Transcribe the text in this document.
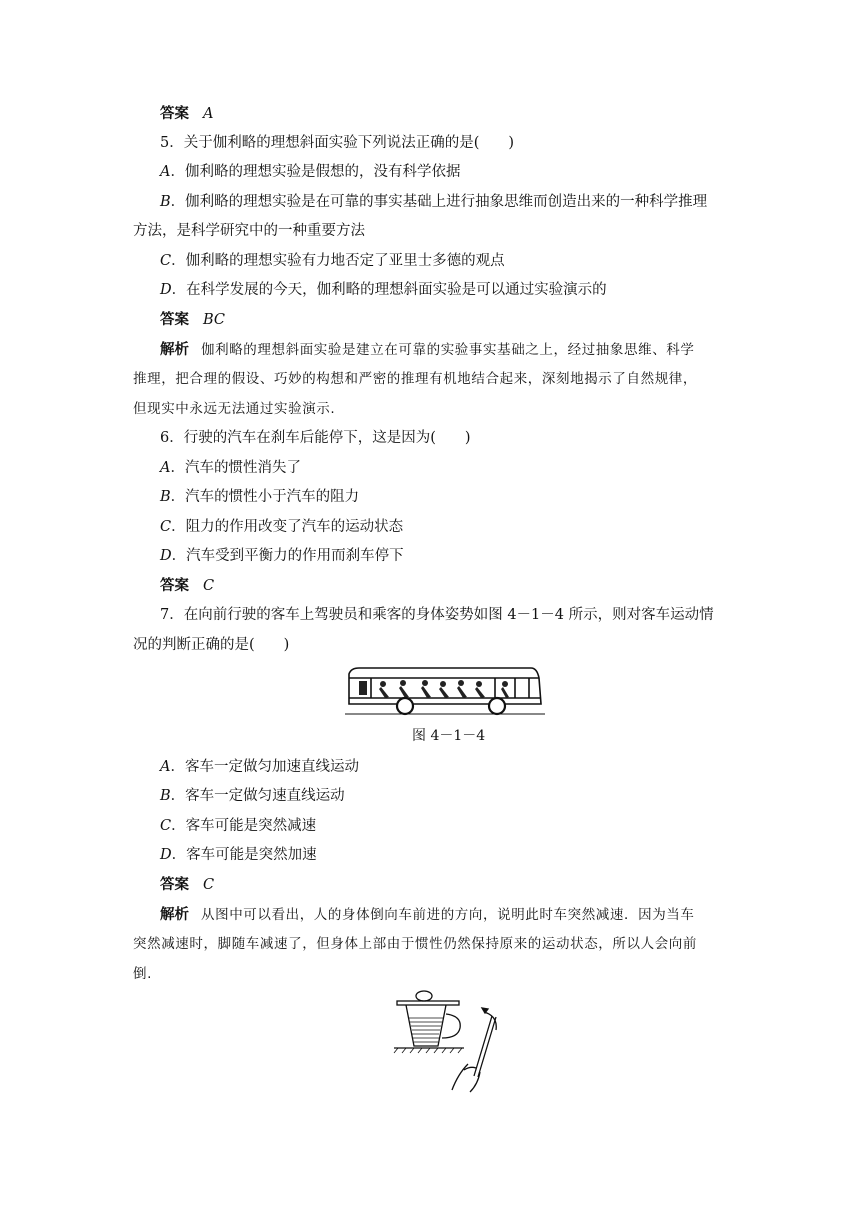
答案 A
5．关于伽利略的理想斜面实验下列说法正确的是(　　)
A．伽利略的理想实验是假想的，没有科学依据
B．伽利略的理想实验是在可靠的事实基础上进行抽象思维而创造出来的一种科学推理
方法，是科学研究中的一种重要方法
C．伽利略的理想实验有力地否定了亚里士多德的观点
D．在科学发展的今天，伽利略的理想斜面实验是可以通过实验演示的
答案 BC
解析 伽利略的理想斜面实验是建立在可靠的实验事实基础之上，经过抽象思维、科学
推理，把合理的假设、巧妙的构想和严密的推理有机地结合起来，深刻地揭示了自然规律，
但现实中永远无法通过实验演示.
6．行驶的汽车在刹车后能停下，这是因为(　　)
A．汽车的惯性消失了
B．汽车的惯性小于汽车的阻力
C．阻力的作用改变了汽车的运动状态
D．汽车受到平衡力的作用而刹车停下
答案 C
7．在向前行驶的客车上驾驶员和乘客的身体姿势如图 4－1－4 所示，则对客车运动情
况的判断正确的是(　　)
图 4－1－4
A．客车一定做匀加速直线运动
B．客车一定做匀速直线运动
C．客车可能是突然减速
D．客车可能是突然加速
答案 C
解析 从图中可以看出，人的身体倒向车前进的方向，说明此时车突然减速．因为当车
突然减速时，脚随车减速了，但身体上部由于惯性仍然保持原来的运动状态，所以人会向前
倒.
